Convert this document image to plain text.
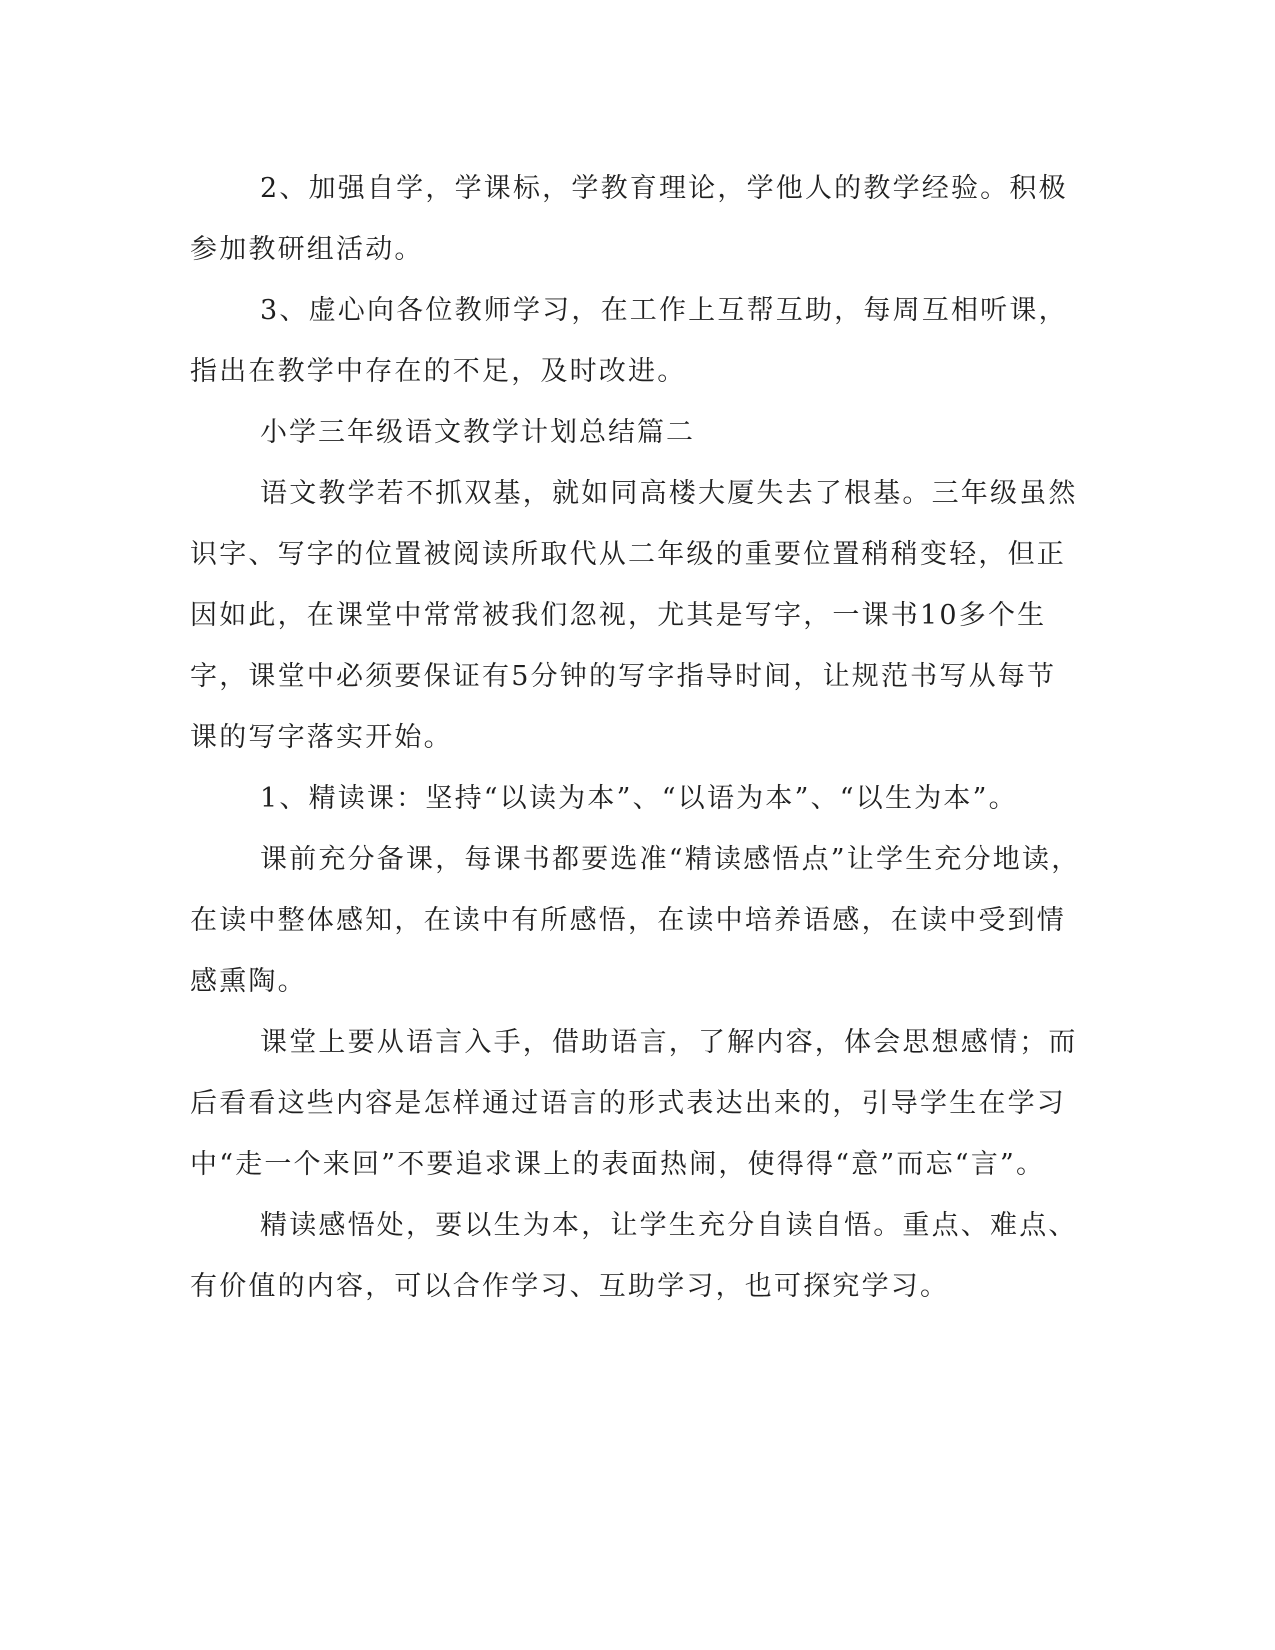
2、加强自学，学课标，学教育理论，学他人的教学经验。积极参加教研组活动。

3、虚心向各位教师学习，在工作上互帮互助，每周互相听课，指出在教学中存在的不足，及时改进。

小学三年级语文教学计划总结篇二

语文教学若不抓双基，就如同高楼大厦失去了根基。三年级虽然识字、写字的位置被阅读所取代从二年级的重要位置稍稍变轻，但正因如此，在课堂中常常被我们忽视，尤其是写字，一课书10多个生字，课堂中必须要保证有5分钟的写字指导时间，让规范书写从每节课的写字落实开始。

1、精读课：坚持“以读为本”、“以语为本”、“以生为本”。

课前充分备课，每课书都要选准“精读感悟点”让学生充分地读，在读中整体感知，在读中有所感悟，在读中培养语感，在读中受到情感熏陶。

课堂上要从语言入手，借助语言，了解内容，体会思想感情；而后看看这些内容是怎样通过语言的形式表达出来的，引导学生在学习中“走一个来回”不要追求课上的表面热闹，使得得“意”而忘“言”。

精读感悟处，要以生为本，让学生充分自读自悟。重点、难点、有价值的内容，可以合作学习、互助学习，也可探究学习。
